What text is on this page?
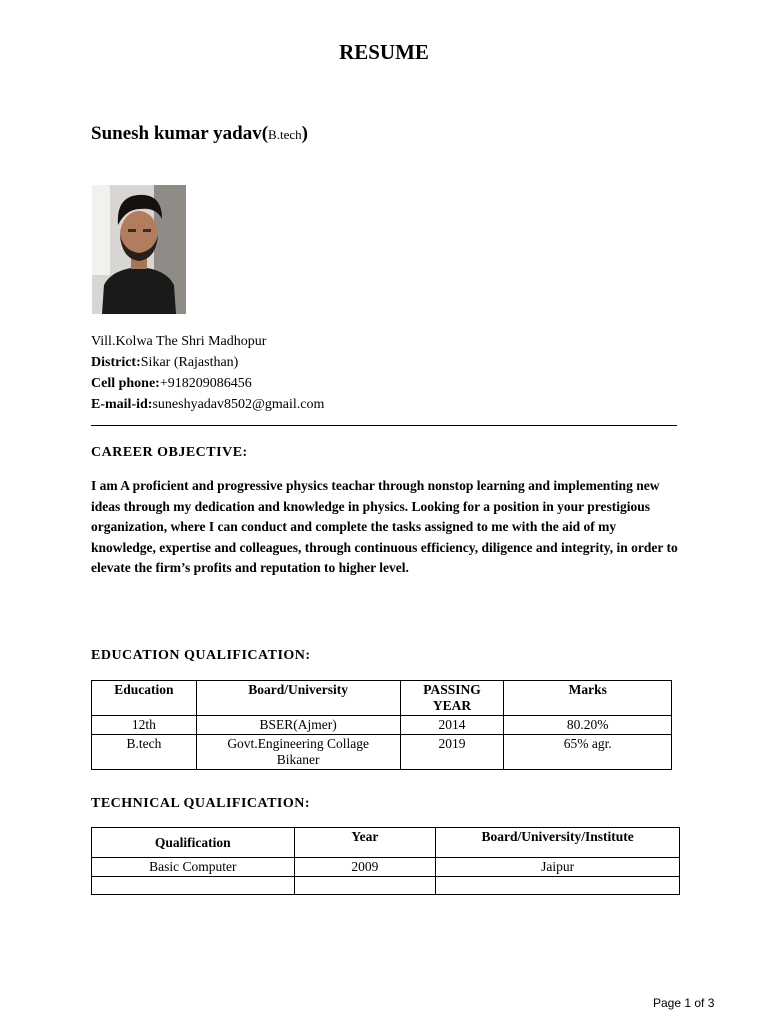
RESUME
Sunesh kumar yadav(B.tech)
Vill.Kolwa The Shri Madhopur
District:Sikar (Rajasthan)
Cell phone:+918209086456
E-mail-id:suneshyadav8502@gmail.com
CAREER OBJECTIVE:
I am A proficient and progressive physics teachar through nonstop learning and implementing new ideas through my dedication and knowledge in physics. Looking for a position in your prestigious organization, where I can conduct and complete the tasks assigned to me with the aid of my knowledge, expertise and colleagues, through continuous efficiency, diligence and integrity, in order to elevate the firm’s profits and reputation to higher level.
EDUCATION QUALIFICATION:
Education	Board/University	PASSING YEAR	Marks
12th	BSER(Ajmer)	2014	80.20%
B.tech	Govt.Engineering Collage Bikaner	2019	65% agr.
TECHNICAL QUALIFICATION:
Qualification	Year	Board/University/Institute
Basic Computer	2009	Jaipur

Page 1 of 3
